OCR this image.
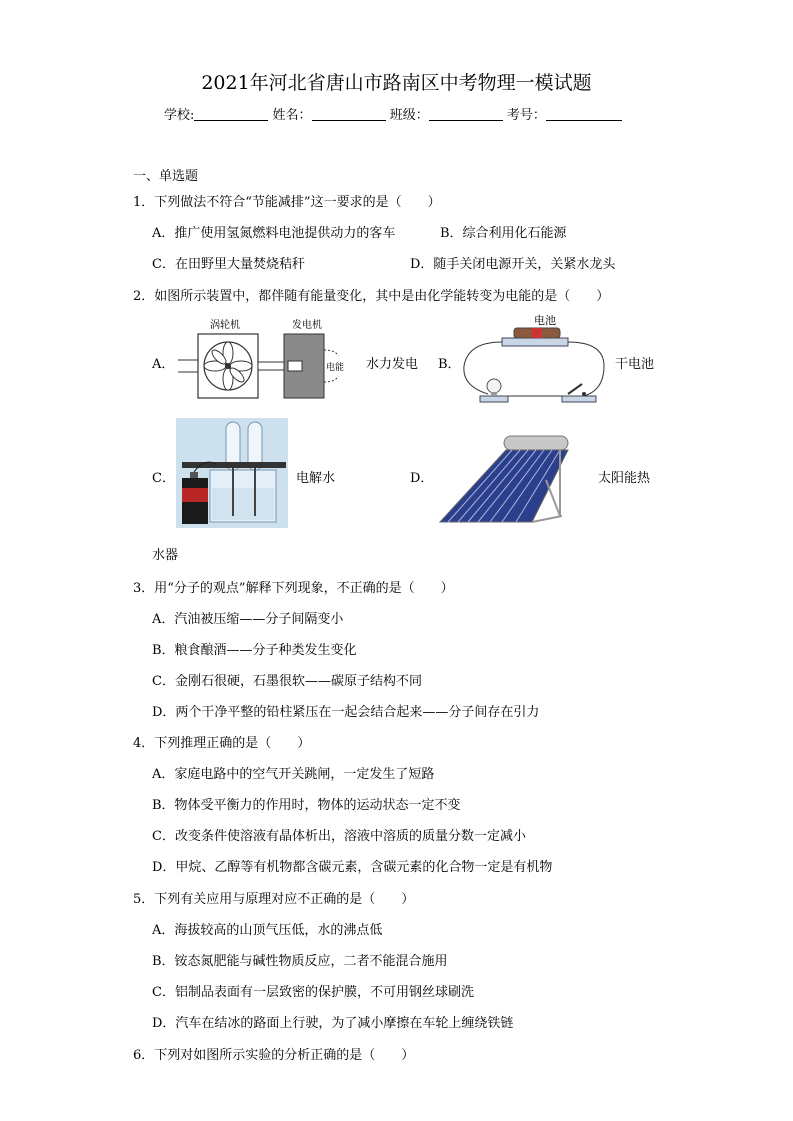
2021年河北省唐山市路南区中考物理一模试题
学校:	姓名：	班级：	考号：
一、单选题
1．下列做法不符合“节能减排”这一要求的是（　　）
A．推广使用氢氮燃料电池提供动力的客车	B．综合利用化石能源
C．在田野里大量焚烧秸秆	D．随手关闭电源开关，关紧水龙头
2．如图所示装置中，都伴随有能量变化，其中是由化学能转变为电能的是（　　）
A．
涡轮机	发电机
电能 水力发电 B．
电池
干电池
C．	电解水	D．	太阳能热
水器
3．用“分子的观点”解释下列现象，不正确的是（　　）
A．汽油被压缩——分子间隔变小
B．粮食酿酒——分子种类发生变化
C．金刚石很硬，石墨很软——碳原子结构不同
D．两个干净平整的铅柱紧压在一起会结合起来——分子间存在引力
4．下列推理正确的是（　　）
A．家庭电路中的空气开关跳闸，一定发生了短路
B．物体受平衡力的作用时，物体的运动状态一定不变
C．改变条件使溶液有晶体析出，溶液中溶质的质量分数一定减小
D．甲烷、乙醇等有机物都含碳元素，含碳元素的化合物一定是有机物
5．下列有关应用与原理对应不正确的是（　　）
A．海拔较高的山顶气压低，水的沸点低
B．铵态氮肥能与碱性物质反应，二者不能混合施用
C．铝制品表面有一层致密的保护膜，不可用钢丝球刷洗
D．汽车在结冰的路面上行驶，为了减小摩擦在车轮上缠绕铁链
6．下列对如图所示实验的分析正确的是（　　）
